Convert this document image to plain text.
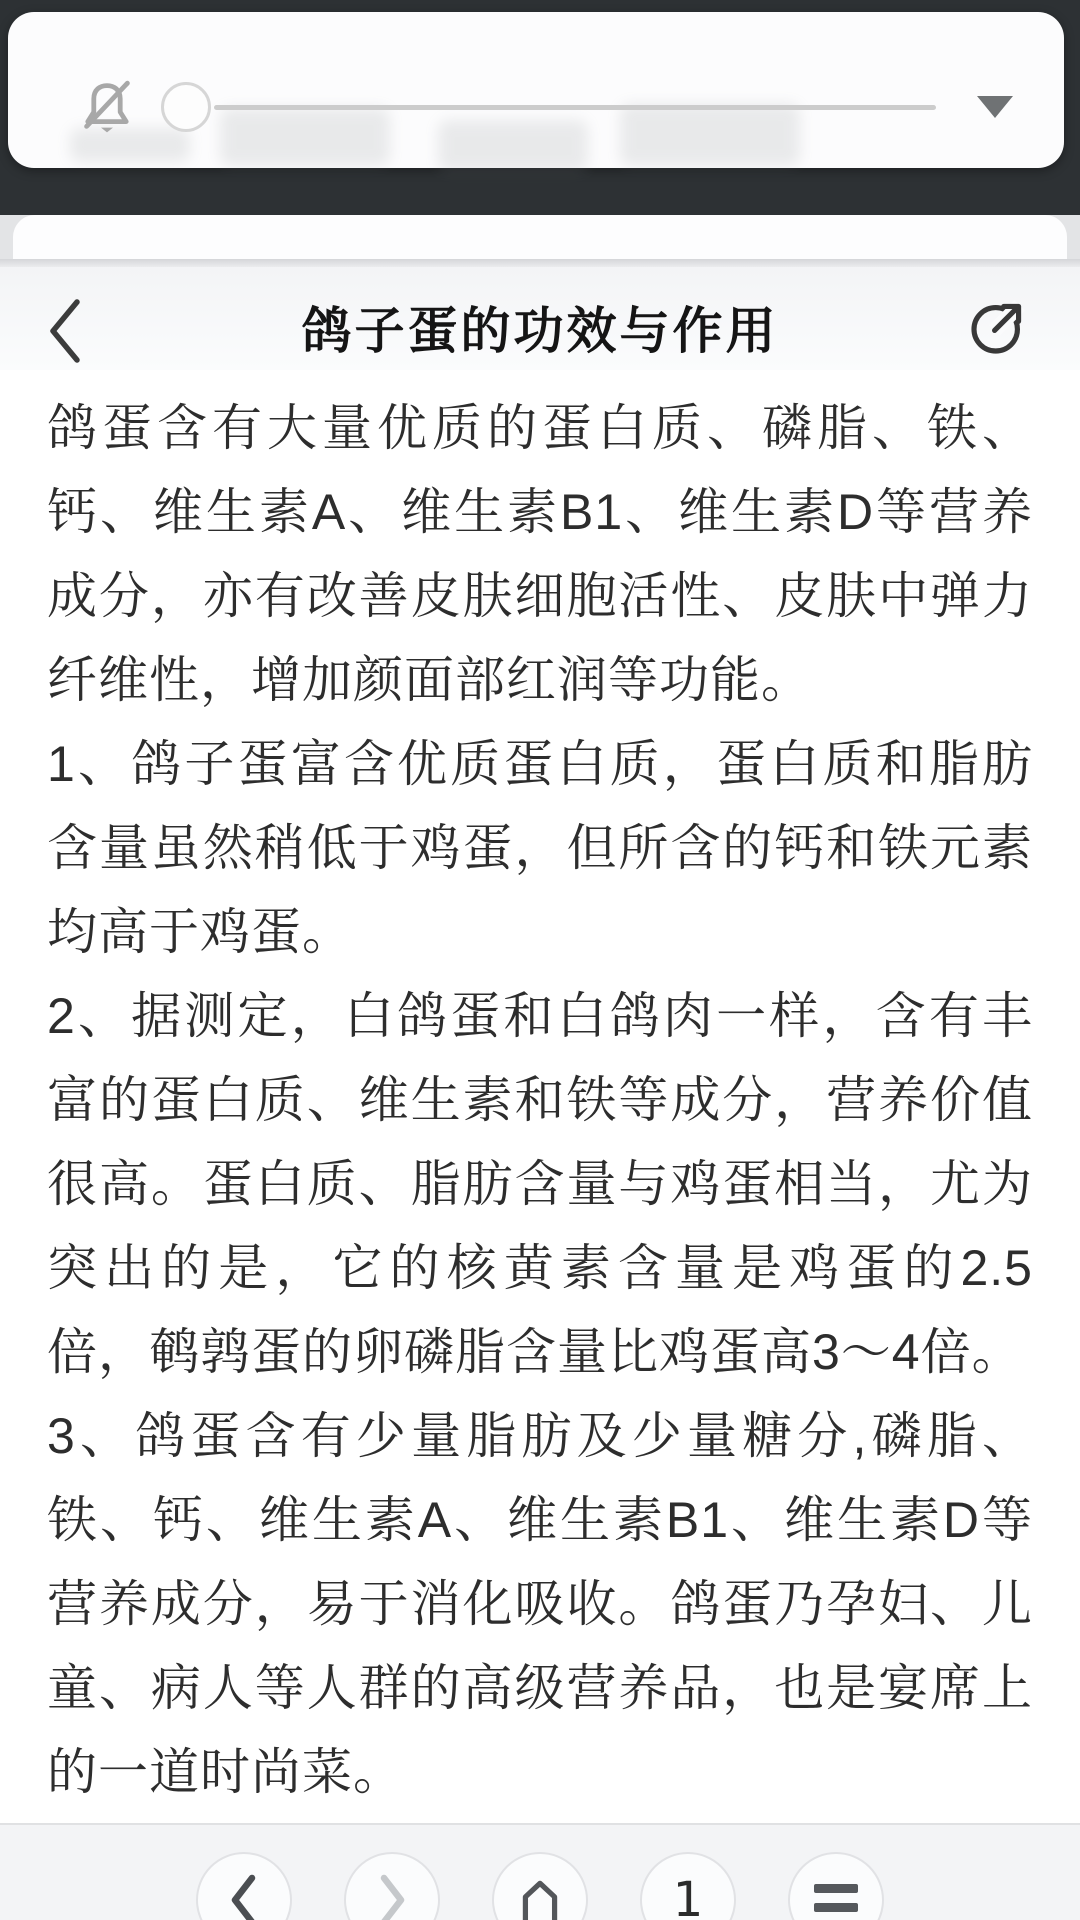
鸽子蛋的功效与作用

鸽蛋含有大量优质的蛋白质、磷脂、铁、钙、维生素A、维生素B1、维生素D等营养成分，亦有改善皮肤细胞活性、皮肤中弹力纤维性，增加颜面部红润等功能。

1、鸽子蛋富含优质蛋白质，蛋白质和脂肪含量虽然稍低于鸡蛋，但所含的钙和铁元素均高于鸡蛋。

2、据测定，白鸽蛋和白鸽肉一样，含有丰富的蛋白质、维生素和铁等成分，营养价值很高。蛋白质、脂肪含量与鸡蛋相当，尤为突出的是，它的核黄素含量是鸡蛋的2.5倍，鹌鹑蛋的卵磷脂含量比鸡蛋高3～4倍。

3、鸽蛋含有少量脂肪及少量糖分,磷脂、铁、钙、维生素A、维生素B1、维生素D等营养成分，易于消化吸收。鸽蛋乃孕妇、儿童、病人等人群的高级营养品，也是宴席上的一道时尚菜。

1
